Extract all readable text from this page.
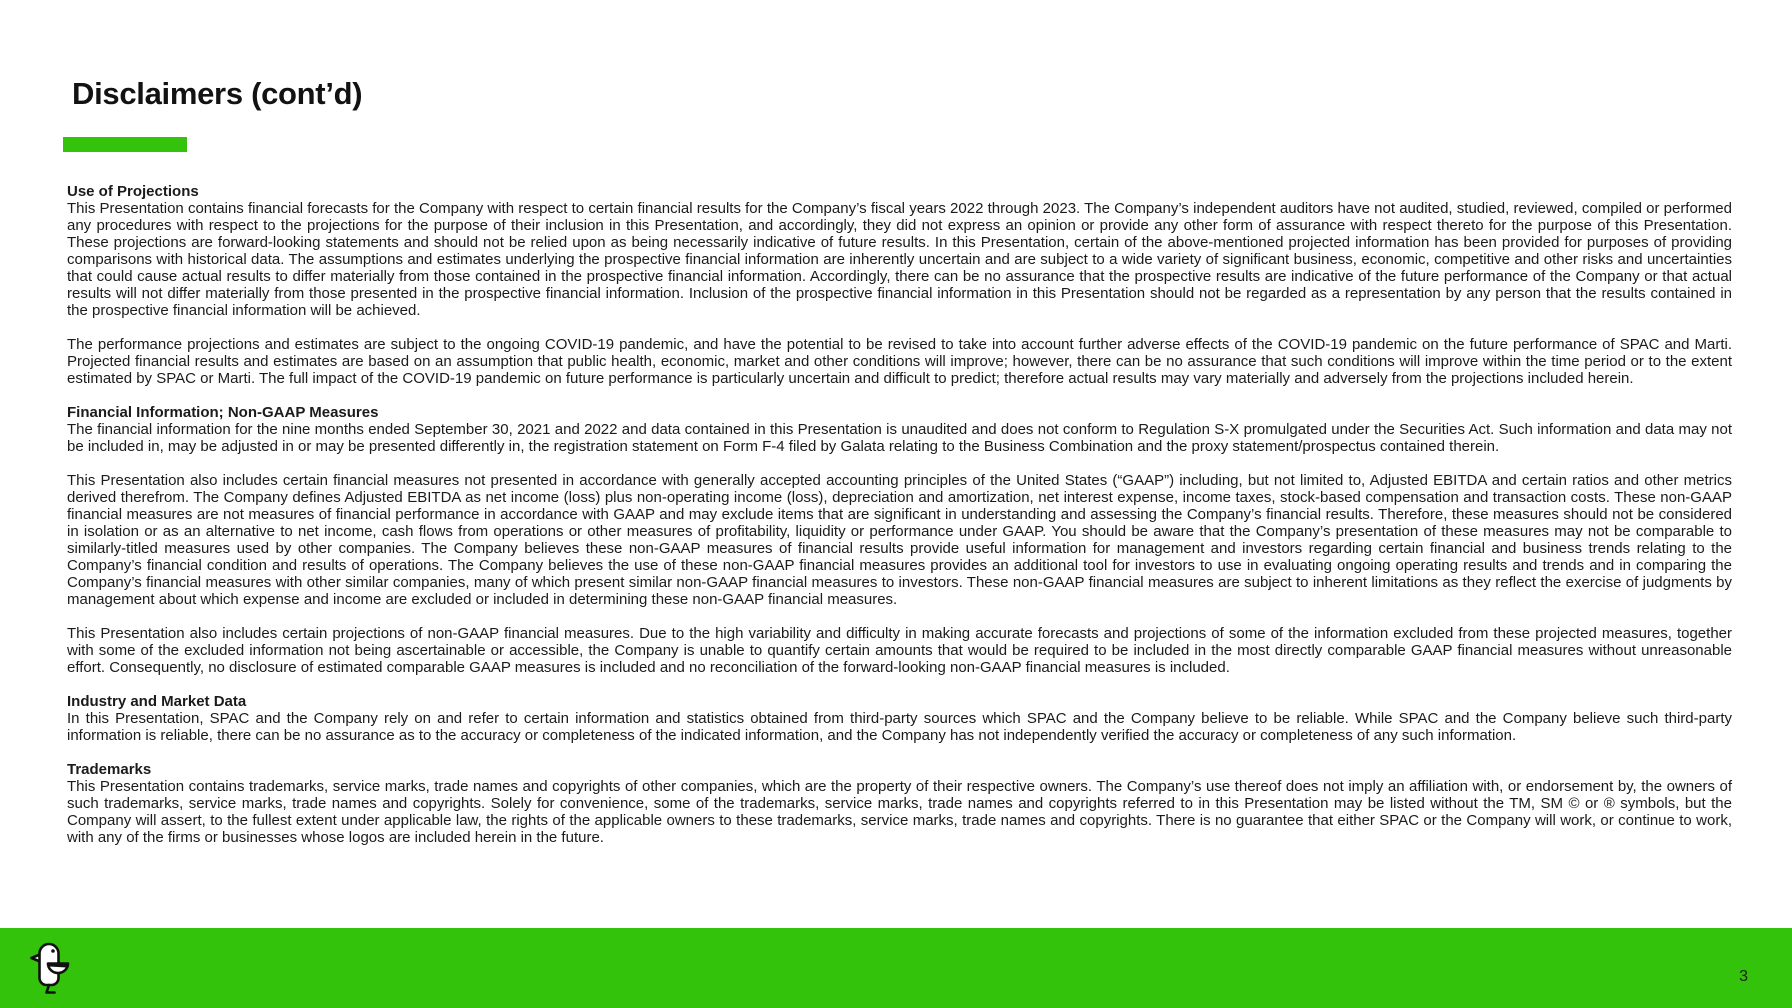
Disclaimers (cont’d)

Use of Projections

This Presentation contains financial forecasts for the Company with respect to certain financial results for the Company’s fiscal years 2022 through 2023. The Company’s independent auditors have not audited, studied, reviewed, compiled or performed any procedures with respect to the projections for the purpose of their inclusion in this Presentation, and accordingly, they did not express an opinion or provide any other form of assurance with respect thereto for the purpose of this Presentation. These projections are forward-looking statements and should not be relied upon as being necessarily indicative of future results. In this Presentation, certain of the above-mentioned projected information has been provided for purposes of providing comparisons with historical data. The assumptions and estimates underlying the prospective financial information are inherently uncertain and are subject to a wide variety of significant business, economic, competitive and other risks and uncertainties that could cause actual results to differ materially from those contained in the prospective financial information. Accordingly, there can be no assurance that the prospective results are indicative of the future performance of the Company or that actual results will not differ materially from those presented in the prospective financial information. Inclusion of the prospective financial information in this Presentation should not be regarded as a representation by any person that the results contained in the prospective financial information will be achieved.

The performance projections and estimates are subject to the ongoing COVID-19 pandemic, and have the potential to be revised to take into account further adverse effects of the COVID-19 pandemic on the future performance of SPAC and Marti. Projected financial results and estimates are based on an assumption that public health, economic, market and other conditions will improve; however, there can be no assurance that such conditions will improve within the time period or to the extent estimated by SPAC or Marti. The full impact of the COVID-19 pandemic on future performance is particularly uncertain and difficult to predict; therefore actual results may vary materially and adversely from the projections included herein.

Financial Information; Non-GAAP Measures

The financial information for the nine months ended September 30, 2021 and 2022 and data contained in this Presentation is unaudited and does not conform to Regulation S-X promulgated under the Securities Act. Such information and data may not be included in, may be adjusted in or may be presented differently in, the registration statement on Form F-4 filed by Galata relating to the Business Combination and the proxy statement/prospectus contained therein.

This Presentation also includes certain financial measures not presented in accordance with generally accepted accounting principles of the United States (“GAAP”) including, but not limited to, Adjusted EBITDA and certain ratios and other metrics derived therefrom. The Company defines Adjusted EBITDA as net income (loss) plus non-operating income (loss), depreciation and amortization, net interest expense, income taxes, stock-based compensation and transaction costs. These non-GAAP financial measures are not measures of financial performance in accordance with GAAP and may exclude items that are significant in understanding and assessing the Company’s financial results. Therefore, these measures should not be considered in isolation or as an alternative to net income, cash flows from operations or other measures of profitability, liquidity or performance under GAAP. You should be aware that the Company’s presentation of these measures may not be comparable to similarly-titled measures used by other companies. The Company believes these non-GAAP measures of financial results provide useful information for management and investors regarding certain financial and business trends relating to the Company’s financial condition and results of operations. The Company believes the use of these non-GAAP financial measures provides an additional tool for investors to use in evaluating ongoing operating results and trends and in comparing the Company’s financial measures with other similar companies, many of which present similar non-GAAP financial measures to investors. These non-GAAP financial measures are subject to inherent limitations as they reflect the exercise of judgments by management about which expense and income are excluded or included in determining these non-GAAP financial measures.

This Presentation also includes certain projections of non-GAAP financial measures. Due to the high variability and difficulty in making accurate forecasts and projections of some of the information excluded from these projected measures, together with some of the excluded information not being ascertainable or accessible, the Company is unable to quantify certain amounts that would be required to be included in the most directly comparable GAAP financial measures without unreasonable effort. Consequently, no disclosure of estimated comparable GAAP measures is included and no reconciliation of the forward-looking non-GAAP financial measures is included.

Industry and Market Data

In this Presentation, SPAC and the Company rely on and refer to certain information and statistics obtained from third-party sources which SPAC and the Company believe to be reliable. While SPAC and the Company believe such third-party information is reliable, there can be no assurance as to the accuracy or completeness of the indicated information, and the Company has not independently verified the accuracy or completeness of any such information.

Trademarks

This Presentation contains trademarks, service marks, trade names and copyrights of other companies, which are the property of their respective owners. The Company’s use thereof does not imply an affiliation with, or endorsement by, the owners of such trademarks, service marks, trade names and copyrights. Solely for convenience, some of the trademarks, service marks, trade names and copyrights referred to in this Presentation may be listed without the TM, SM © or ® symbols, but the Company will assert, to the fullest extent under applicable law, the rights of the applicable owners to these trademarks, service marks, trade names and copyrights. There is no guarantee that either SPAC or the Company will work, or continue to work, with any of the firms or businesses whose logos are included herein in the future.

3
